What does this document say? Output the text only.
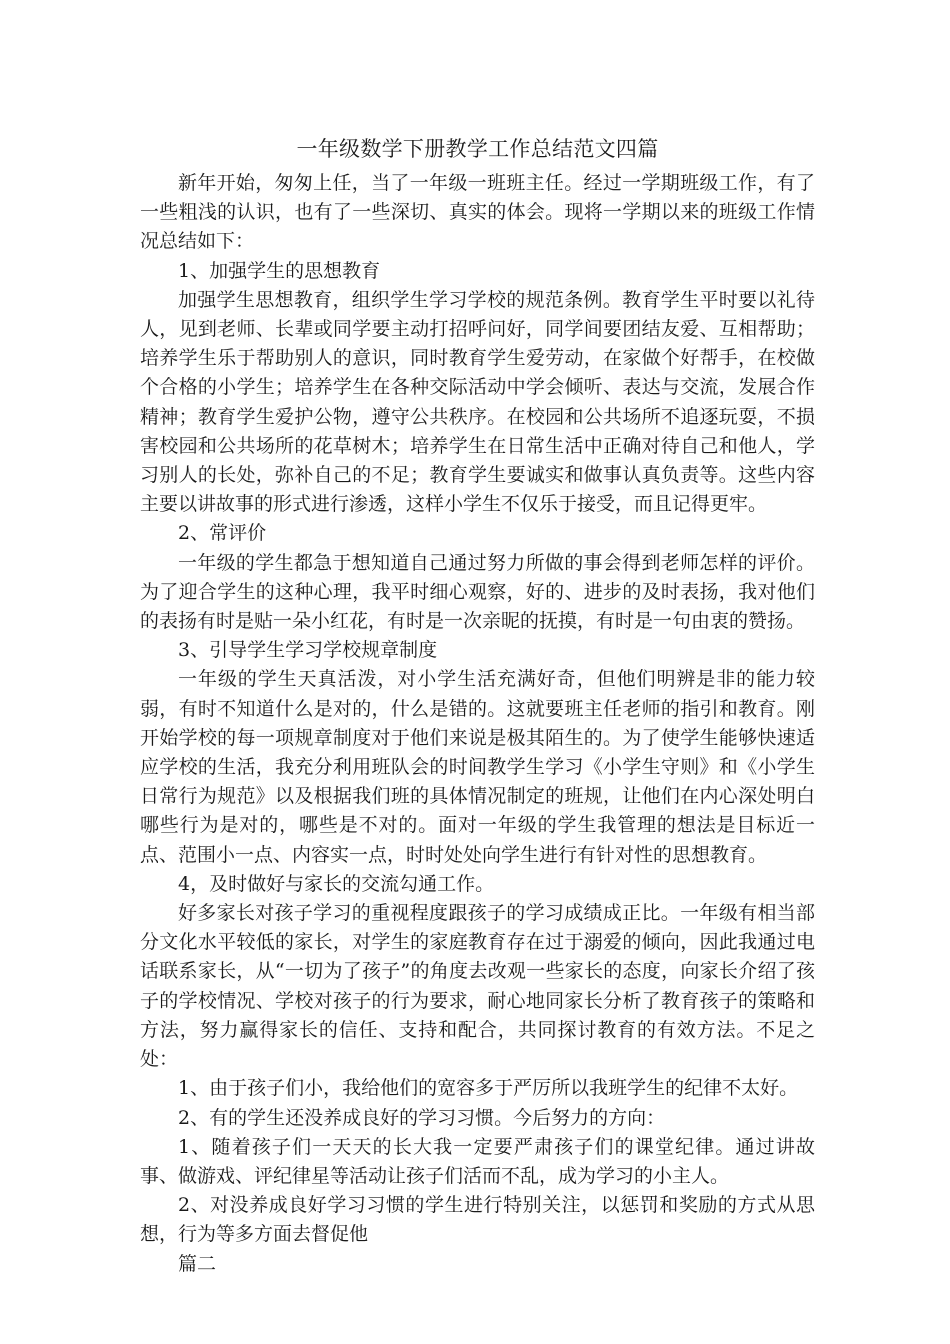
一年级数学下册教学工作总结范文四篇

新年开始，匆匆上任，当了一年级一班班主任。经过一学期班级工作，有了一些粗浅的认识，也有了一些深切、真实的体会。现将一学期以来的班级工作情况总结如下：

1、加强学生的思想教育

加强学生思想教育，组织学生学习学校的规范条例。教育学生平时要以礼待人，见到老师、长辈或同学要主动打招呼问好，同学间要团结友爱、互相帮助；培养学生乐于帮助别人的意识，同时教育学生爱劳动，在家做个好帮手，在校做个合格的小学生；培养学生在各种交际活动中学会倾听、表达与交流，发展合作精神；教育学生爱护公物，遵守公共秩序。在校园和公共场所不追逐玩耍，不损害校园和公共场所的花草树木；培养学生在日常生活中正确对待自己和他人，学习别人的长处，弥补自己的不足；教育学生要诚实和做事认真负责等。这些内容主要以讲故事的形式进行渗透，这样小学生不仅乐于接受，而且记得更牢。

2、常评价

一年级的学生都急于想知道自己通过努力所做的事会得到老师怎样的评价。为了迎合学生的这种心理，我平时细心观察，好的、进步的及时表扬，我对他们的表扬有时是贴一朵小红花，有时是一次亲昵的抚摸，有时是一句由衷的赞扬。

3、引导学生学习学校规章制度

一年级的学生天真活泼，对小学生活充满好奇，但他们明辨是非的能力较弱，有时不知道什么是对的，什么是错的。这就要班主任老师的指引和教育。刚开始学校的每一项规章制度对于他们来说是极其陌生的。为了使学生能够快速适应学校的生活，我充分利用班队会的时间教学生学习《小学生守则》和《小学生日常行为规范》以及根据我们班的具体情况制定的班规，让他们在内心深处明白哪些行为是对的，哪些是不对的。面对一年级的学生我管理的想法是目标近一点、范围小一点、内容实一点，时时处处向学生进行有针对性的思想教育。

4，及时做好与家长的交流勾通工作。

好多家长对孩子学习的重视程度跟孩子的学习成绩成正比。一年级有相当部分文化水平较低的家长，对学生的家庭教育存在过于溺爱的倾向，因此我通过电话联系家长，从“一切为了孩子”的角度去改观一些家长的态度，向家长介绍了孩子的学校情况、学校对孩子的行为要求，耐心地同家长分析了教育孩子的策略和方法，努力赢得家长的信任、支持和配合，共同探讨教育的有效方法。不足之处：

1、由于孩子们小，我给他们的宽容多于严厉所以我班学生的纪律不太好。

2、有的学生还没养成良好的学习习惯。今后努力的方向：

1、随着孩子们一天天的长大我一定要严肃孩子们的课堂纪律。通过讲故事、做游戏、评纪律星等活动让孩子们活而不乱，成为学习的小主人。

2、对没养成良好学习习惯的学生进行特别关注，以惩罚和奖励的方式从思想，行为等多方面去督促他

篇二
